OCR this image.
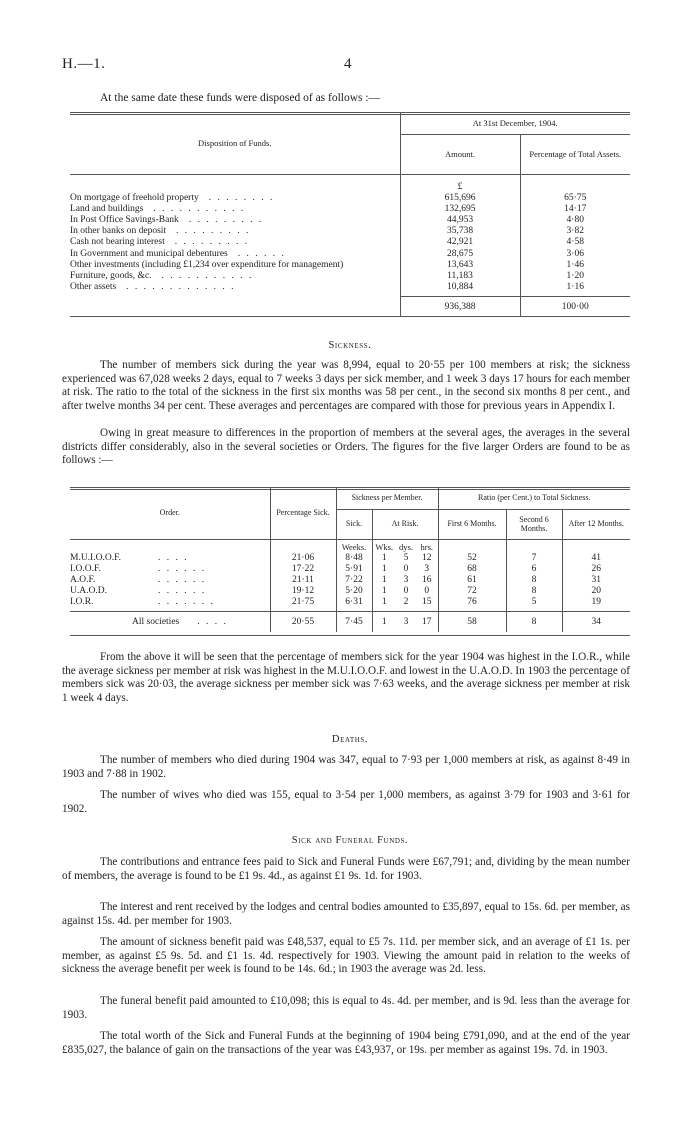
H.—1.	4
At the same date these funds were disposed of as follows :—
Disposition of Funds.	At 31st December, 1904.	
	Amount.	Percentage of Total Assets.
	£	
On mortgage of freehold property . . . . . . . .	615,696	65·75
Land and buildings . . . . . . . . . . .	132,695	14·17
In Post Office Savings-Bank . . . . . . . . .	44,953	4·80
In other banks on deposit . . . . . . . . .	35,738	3·82
Cash not bearing interest . . . . . . . . .	42,921	4·58
In Government and municipal debentures . . . . . .	28,675	3·06
Other investments (including £1,234 over expenditure for management)	13,643	1·46
Furniture, goods, &c. . . . . . . . . . . .	11,183	1·20
Other assets . . . . . . . . . . . . .	10,884	1·16

	936,388	100·00
Sickness.
The number of members sick during the year was 8,994, equal to 20·55 per 100 members at risk; the sickness experienced was 67,028 weeks 2 days, equal to 7 weeks 3 days per sick member, and 1 week 3 days 17 hours for each member at risk. The ratio to the total of the sickness in the first six months was 58 per cent., in the second six months 8 per cent., and after twelve months 34 per cent. These averages and percentages are compared with those for previous years in Appendix I.
Owing in great measure to differences in the proportion of members at the several ages, the averages in the several districts differ considerably, also in the several societies or Orders. The figures for the five larger Orders are found to be as follows :—
Order.	Percentage Sick.	Sickness per Member.				Ratio (per Cent.) to Total Sickness.		
		Sick.	At Risk.			First 6 Months.	Second 6 Months.	After 12 Months.
		Weeks.	Wks.	dys.	hrs.			
M.U.I.O.O.F. . . . .	21·06	8·48	1	5	12	52	7	41
I.O.O.F. . . . . . .	17·22	5·91	1	0	3	68	6	26
A.O.F. . . . . . .	21·11	7·22	1	3	16	61	8	31
U.A.O.D. . . . . . .	19·12	5·20	1	0	0	72	8	20
I.O.R. . . . . . . .	21·75	6·31	1	2	15	76	5	19

All societies . . . .	20·55	7·45	1	3	17	58	8	34
From the above it will be seen that the percentage of members sick for the year 1904 was highest in the I.O.R., while the average sickness per member at risk was highest in the M.U.I.O.O.F. and lowest in the U.A.O.D. In 1903 the percentage of members sick was 20·03, the average sickness per member sick was 7·63 weeks, and the average sickness per member at risk 1 week 4 days.
Deaths.
The number of members who died during 1904 was 347, equal to 7·93 per 1,000 members at risk, as against 8·49 in 1903 and 7·88 in 1902.
The number of wives who died was 155, equal to 3·54 per 1,000 members, as against 3·79 for 1903 and 3·61 for 1902.
Sick and Funeral Funds.
The contributions and entrance fees paid to Sick and Funeral Funds were £67,791; and, dividing by the mean number of members, the average is found to be £1 9s. 4d., as against £1 9s. 1d. for 1903.
The interest and rent received by the lodges and central bodies amounted to £35,897, equal to 15s. 6d. per member, as against 15s. 4d. per member for 1903.
The amount of sickness benefit paid was £48,537, equal to £5 7s. 11d. per member sick, and an average of £1 1s. per member, as against £5 9s. 5d. and £1 1s. 4d. respectively for 1903. Viewing the amount paid in relation to the weeks of sickness the average benefit per week is found to be 14s. 6d.; in 1903 the average was 2d. less.
The funeral benefit paid amounted to £10,098; this is equal to 4s. 4d. per member, and is 9d. less than the average for 1903.
The total worth of the Sick and Funeral Funds at the beginning of 1904 being £791,090, and at the end of the year £835,027, the balance of gain on the transactions of the year was £43,937, or 19s. per member as against 19s. 7d. in 1903.
